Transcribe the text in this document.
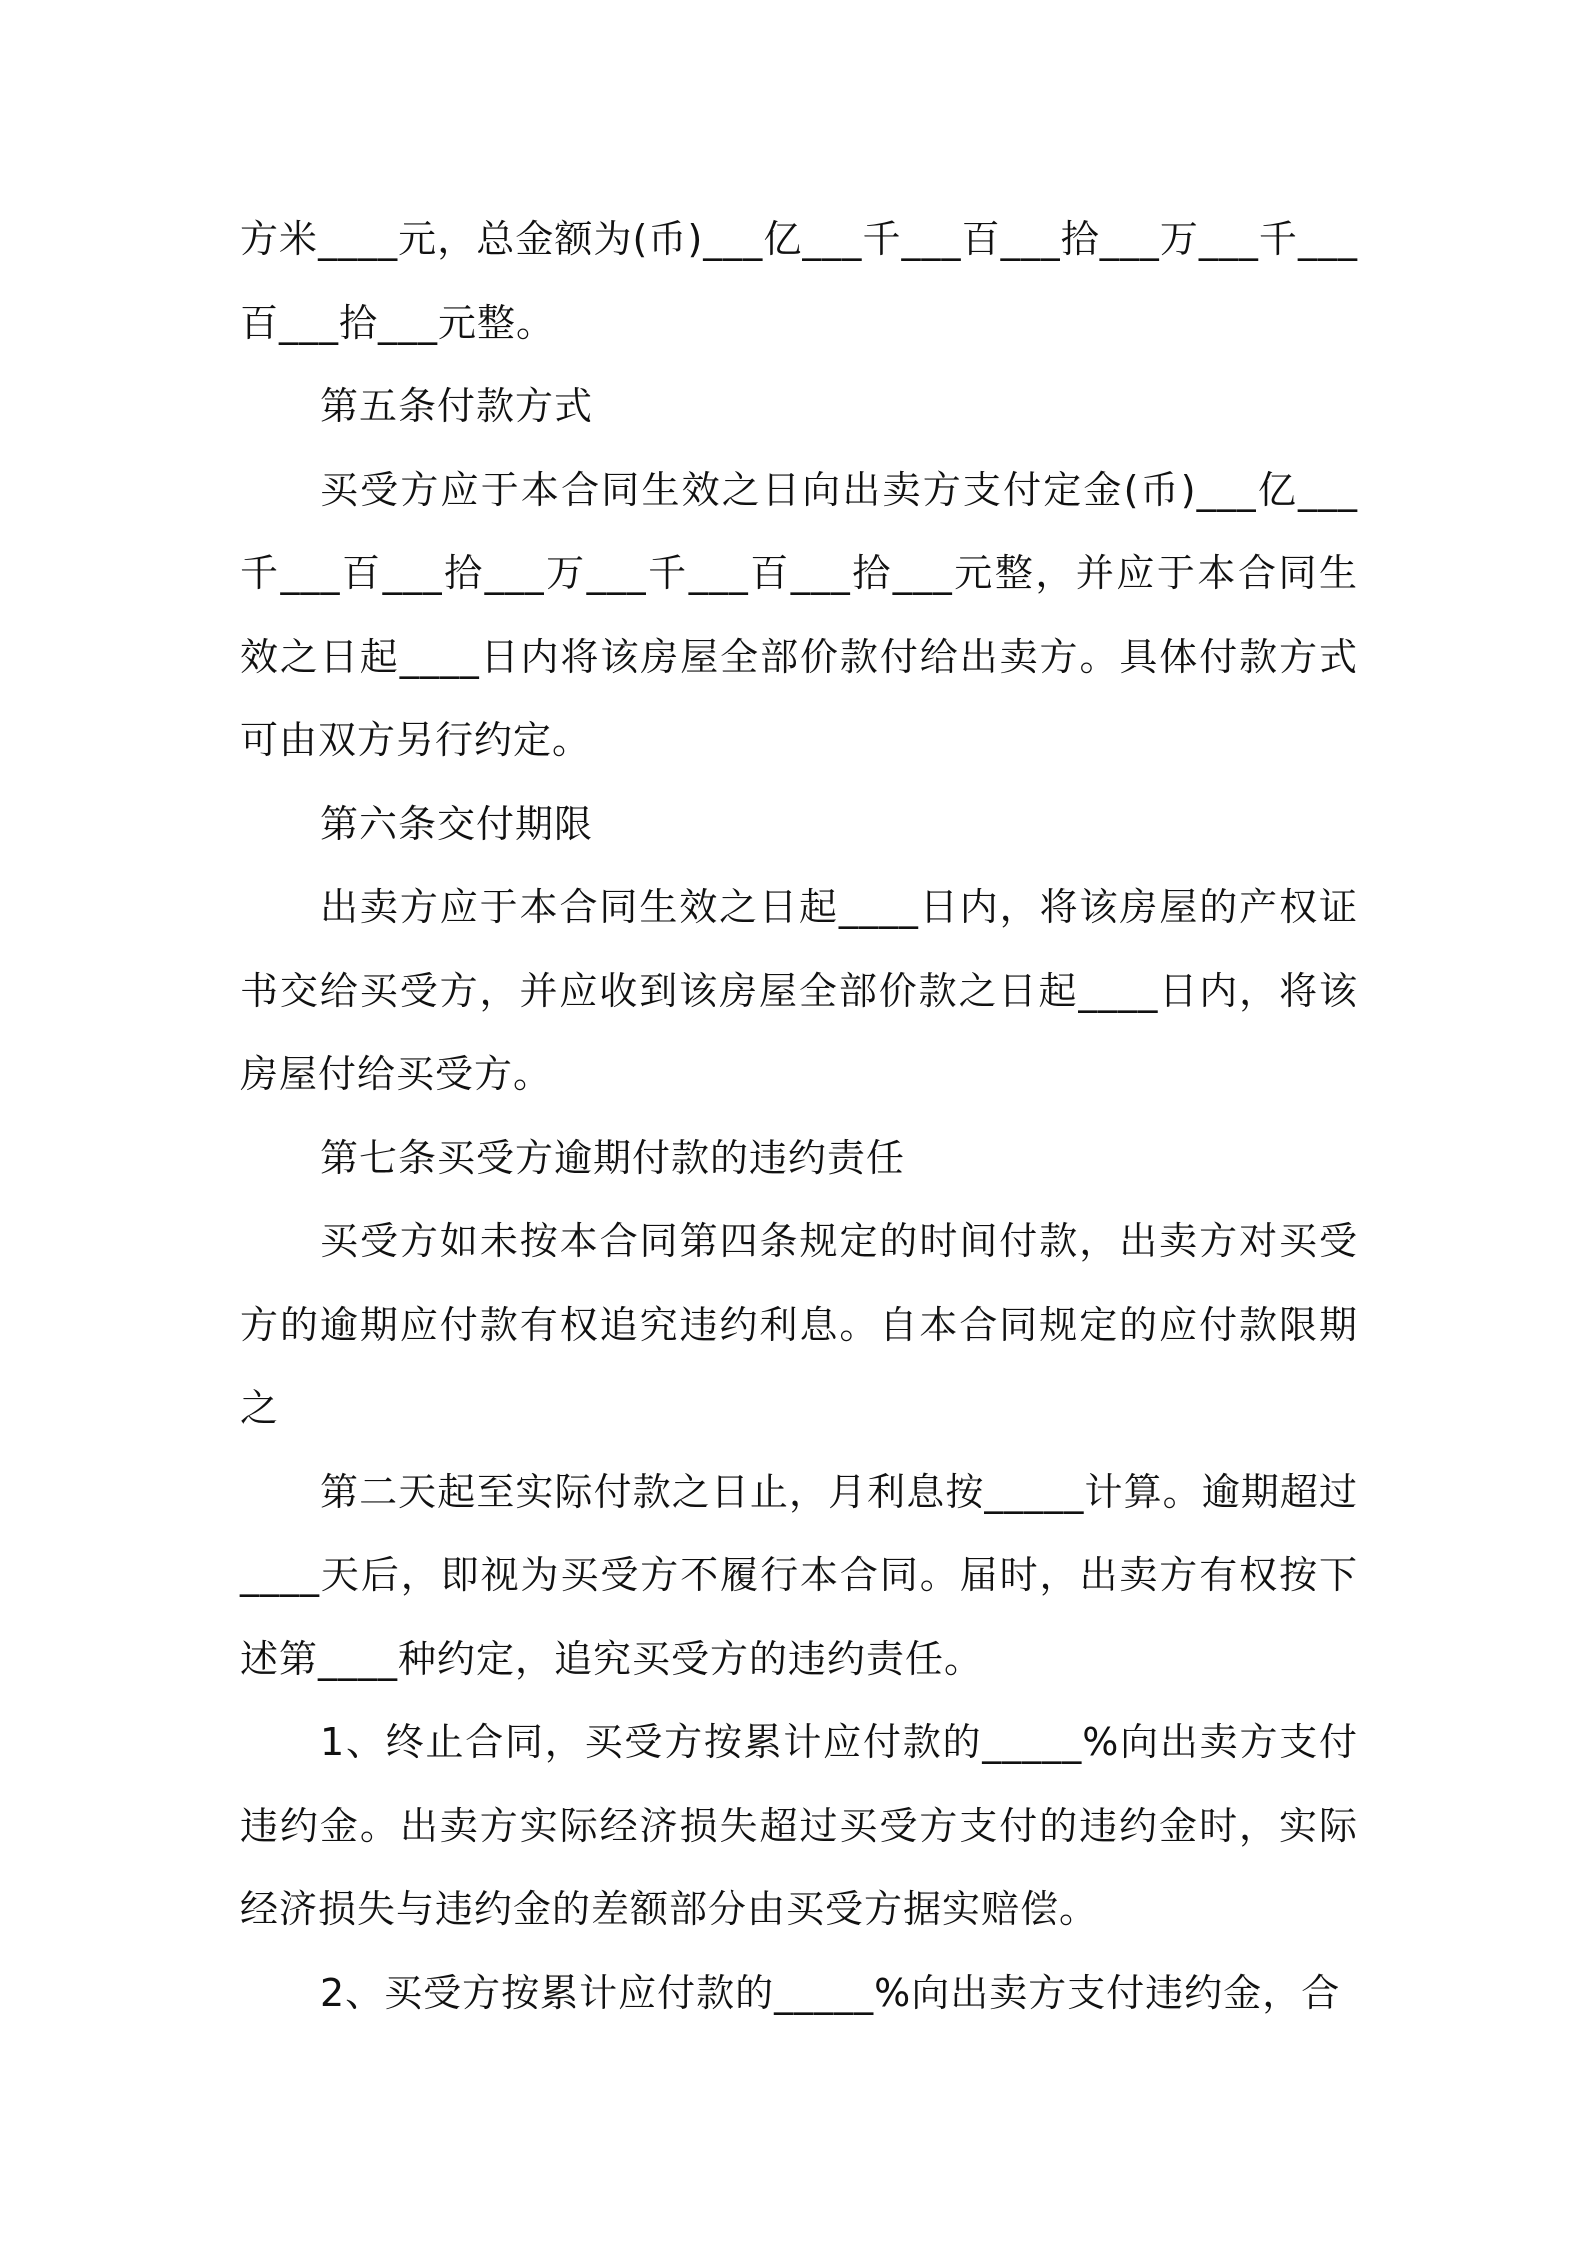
方米____元，总金额为(币)___亿___千___百___拾___万___千___百___拾___元整。

第五条付款方式

买受方应于本合同生效之日向出卖方支付定金(币)___亿___千___百___拾___万___千___百___拾___元整，并应于本合同生效之日起____日内将该房屋全部价款付给出卖方。具体付款方式可由双方另行约定。

第六条交付期限

出卖方应于本合同生效之日起____日内，将该房屋的产权证书交给买受方，并应收到该房屋全部价款之日起____日内，将该房屋付给买受方。

第七条买受方逾期付款的违约责任

买受方如未按本合同第四条规定的时间付款，出卖方对买受方的逾期应付款有权追究违约利息。自本合同规定的应付款限期之

第二天起至实际付款之日止，月利息按_____计算。逾期超过____天后，即视为买受方不履行本合同。届时，出卖方有权按下述第____种约定，追究买受方的违约责任。

1、终止合同，买受方按累计应付款的_____%向出卖方支付违约金。出卖方实际经济损失超过买受方支付的违约金时，实际经济损失与违约金的差额部分由买受方据实赔偿。

2、买受方按累计应付款的_____%向出卖方支付违约金，合
